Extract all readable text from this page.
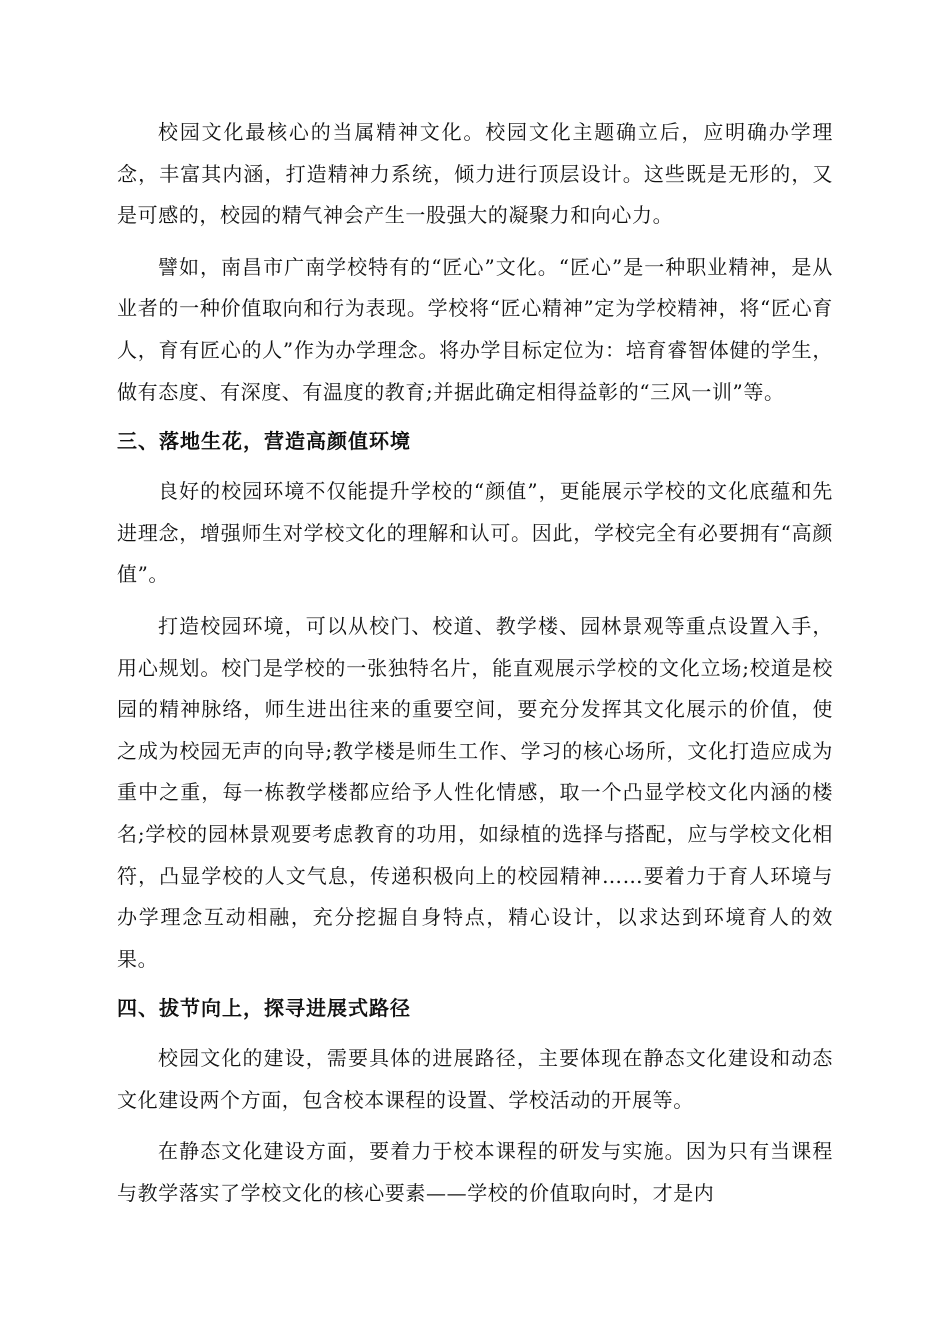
校园文化最核心的当属精神文化。校园文化主题确立后，应明确办学理念，丰富其内涵，打造精神力系统，倾力进行顶层设计。这些既是无形的，又是可感的，校园的精气神会产生一股强大的凝聚力和向心力。

譬如，南昌市广南学校特有的“匠心”文化。“匠心”是一种职业精神，是从业者的一种价值取向和行为表现。学校将“匠心精神”定为学校精神，将“匠心育人，育有匠心的人”作为办学理念。将办学目标定位为：培育睿智体健的学生，做有态度、有深度、有温度的教育;并据此确定相得益彰的“三风一训”等。

三、落地生花，营造高颜值环境

良好的校园环境不仅能提升学校的“颜值”，更能展示学校的文化底蕴和先进理念，增强师生对学校文化的理解和认可。因此，学校完全有必要拥有“高颜值”。

打造校园环境，可以从校门、校道、教学楼、园林景观等重点设置入手，用心规划。校门是学校的一张独特名片，能直观展示学校的文化立场;校道是校园的精神脉络，师生进出往来的重要空间，要充分发挥其文化展示的价值，使之成为校园无声的向导;教学楼是师生工作、学习的核心场所，文化打造应成为重中之重，每一栋教学楼都应给予人性化情感，取一个凸显学校文化内涵的楼名;学校的园林景观要考虑教育的功用，如绿植的选择与搭配，应与学校文化相符，凸显学校的人文气息，传递积极向上的校园精神……要着力于育人环境与办学理念互动相融，充分挖掘自身特点，精心设计，以求达到环境育人的效果。

四、拔节向上，探寻进展式路径

校园文化的建设，需要具体的进展路径，主要体现在静态文化建设和动态文化建设两个方面，包含校本课程的设置、学校活动的开展等。

在静态文化建设方面，要着力于校本课程的研发与实施。因为只有当课程与教学落实了学校文化的核心要素——学校的价值取向时，才是内
